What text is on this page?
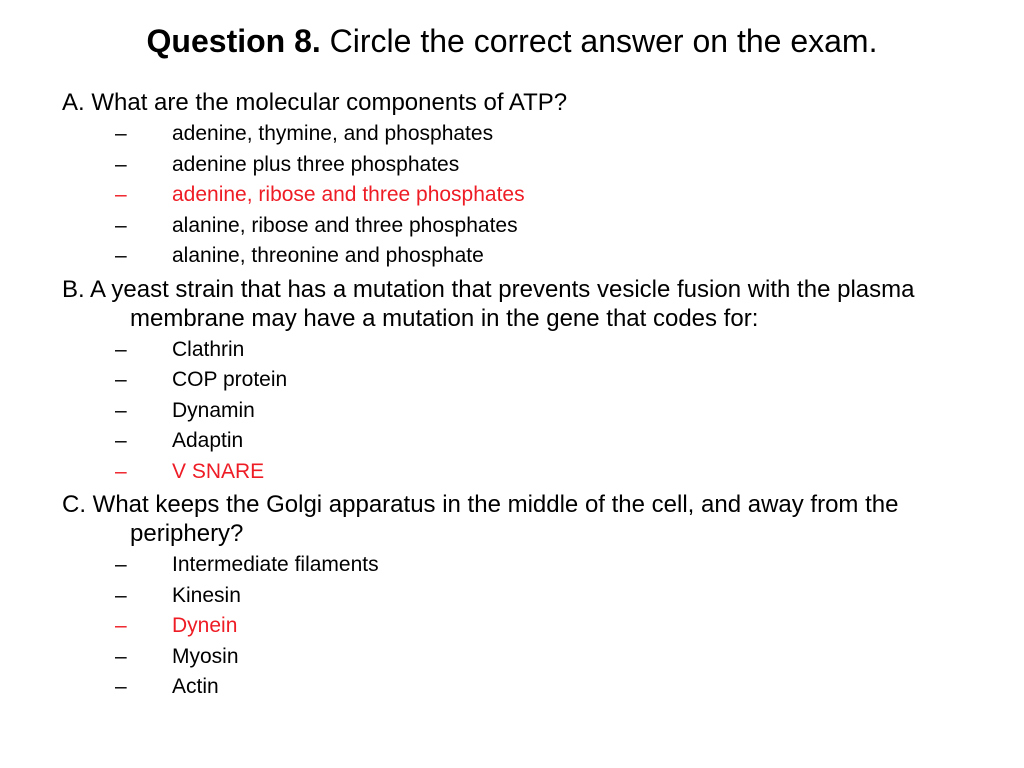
Question 8. Circle the correct answer on the exam.

A. What are the molecular components of ATP?

– adenine, thymine, and phosphates
– adenine plus three phosphates
– adenine, ribose and three phosphates
– alanine, ribose and three phosphates
– alanine, threonine and phosphate

B. A yeast strain that has a mutation that prevents vesicle fusion with the plasma membrane may have a mutation in the gene that codes for:

– Clathrin
– COP protein
– Dynamin
– Adaptin
– V SNARE

C. What keeps the Golgi apparatus in the middle of the cell, and away from the periphery?

– Intermediate filaments
– Kinesin
– Dynein
– Myosin
– Actin
